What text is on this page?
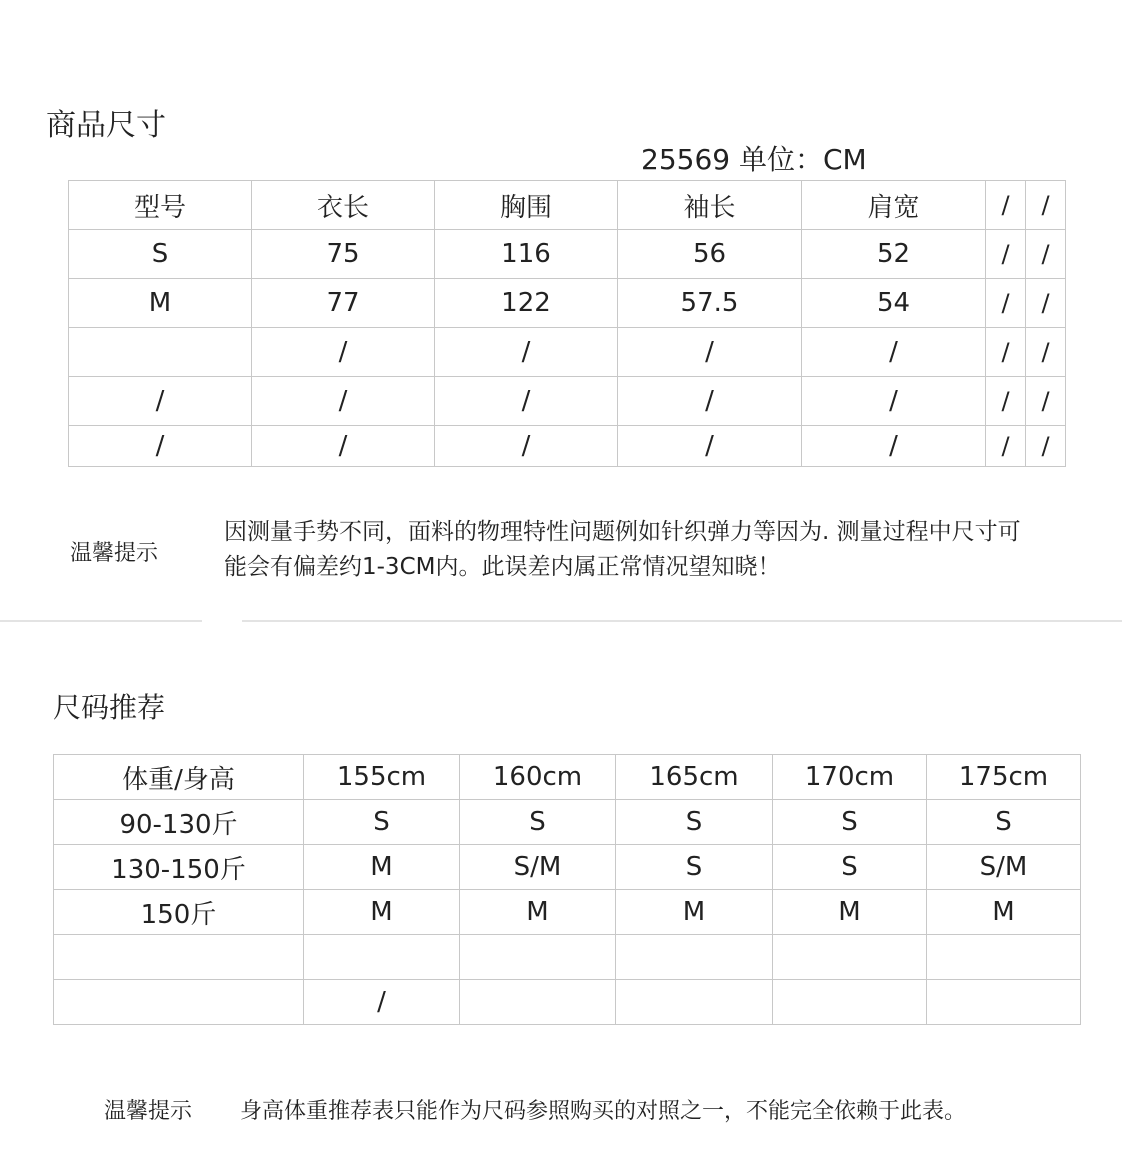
商品尺寸
25569 单位：CM
型号	衣长	胸围	袖长	肩宽	/	/
S	75	116	56	52	/	/
M	77	122	57.5	54	/	/
	/	/	/	/	/	/
/	/	/	/	/	/	/
/	/	/	/	/	/	/
温馨提示
因测量手势不同，面料的物理特性问题例如针织弹力等因为. 测量过程中尺寸可
能会有偏差约1-3CM内。此误差内属正常情况望知晓！
尺码推荐
体重/身高	155cm	160cm	165cm	170cm	175cm
90-130斤	S	S	S	S	S
130-150斤	M	S/M	S	S	S/M
150斤	M	M	M	M	M

	/				
温馨提示 身高体重推荐表只能作为尺码参照购买的对照之一，不能完全依赖于此表。
